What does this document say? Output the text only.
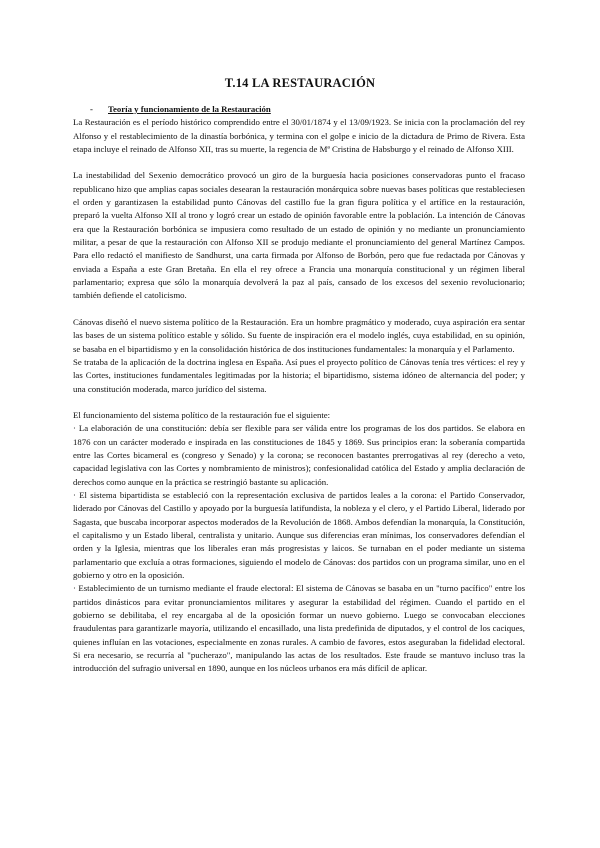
T.14 LA RESTAURACIÓN
-	Teoría y funcionamiento de la Restauración

La Restauración es el período histórico comprendido entre el 30/01/1874 y el 13/09/1923. Se inicia con la proclamación del rey Alfonso y el restablecimiento de la dinastía borbónica, y termina con el golpe e inicio de la dictadura de Primo de Rivera. Esta etapa incluye el reinado de Alfonso XII, tras su muerte, la regencia de Mª Cristina de Habsburgo y el reinado de Alfonso XIII.

La inestabilidad del Sexenio democrático provocó un giro de la burguesía hacia posiciones conservadoras punto el fracaso republicano hizo que amplias capas sociales desearan la restauración monárquica sobre nuevas bases políticas que restableciesen el orden y garantizasen la estabilidad punto Cánovas del castillo fue la gran figura política y el artífice en la restauración, preparó la vuelta Alfonso XII al trono y logró crear un estado de opinión favorable entre la población. La intención de Cánovas era que la Restauración borbónica se impusiera como resultado de un estado de opinión y no mediante un pronunciamiento militar, a pesar de que la restauración con Alfonso XII se produjo mediante el pronunciamiento del general Martínez Campos. Para ello redactó el manifiesto de Sandhurst, una carta firmada por Alfonso de Borbón, pero que fue redactada por Cánovas y enviada a España a este Gran Bretaña. En ella el rey ofrece a Francia una monarquía constitucional y un régimen liberal parlamentario; expresa que sólo la monarquía devolverá la paz al país, cansado de los excesos del sexenio revolucionario; también defiende el catolicismo.

Cánovas diseñó el nuevo sistema político de la Restauración. Era un hombre pragmático y moderado, cuya aspiración era sentar las bases de un sistema político estable y sólido. Su fuente de inspiración era el modelo inglés, cuya estabilidad, en su opinión, se basaba en el bipartidismo y en la consolidación histórica de dos instituciones fundamentales: la monarquía y el Parlamento.

Se trataba de la aplicación de la doctrina inglesa en España. Así pues el proyecto político de Cánovas tenía tres vértices: el rey y las Cortes, instituciones fundamentales legitimadas por la historia; el bipartidismo, sistema idóneo de alternancia del poder; y una constitución moderada, marco jurídico del sistema.

El funcionamiento del sistema político de la restauración fue el siguiente:

· La elaboración de una constitución: debía ser flexible para ser válida entre los programas de los dos partidos. Se elabora en 1876 con un carácter moderado e inspirada en las constituciones de 1845 y 1869. Sus principios eran: la soberanía compartida entre las Cortes bicameral es (congreso y Senado) y la corona; se reconocen bastantes prerrogativas al rey (derecho a veto, capacidad legislativa con las Cortes y nombramiento de ministros); confesionalidad católica del Estado y amplia declaración de derechos como aunque en la práctica se restringió bastante su aplicación.

· El sistema bipartidista se estableció con la representación exclusiva de partidos leales a la corona: el Partido Conservador, liderado por Cánovas del Castillo y apoyado por la burguesía latifundista, la nobleza y el clero, y el Partido Liberal, liderado por Sagasta, que buscaba incorporar aspectos moderados de la Revolución de 1868. Ambos defendían la monarquía, la Constitución, el capitalismo y un Estado liberal, centralista y unitario. Aunque sus diferencias eran mínimas, los conservadores defendían el orden y la Iglesia, mientras que los liberales eran más progresistas y laicos. Se turnaban en el poder mediante un sistema parlamentario que excluía a otras formaciones, siguiendo el modelo de Cánovas: dos partidos con un programa similar, uno en el gobierno y otro en la oposición.

· Establecimiento de un turnismo mediante el fraude electoral: El sistema de Cánovas se basaba en un "turno pacífico" entre los partidos dinásticos para evitar pronunciamientos militares y asegurar la estabilidad del régimen. Cuando el partido en el gobierno se debilitaba, el rey encargaba al de la oposición formar un nuevo gobierno. Luego se convocaban elecciones fraudulentas para garantizarle mayoría, utilizando el encasillado, una lista predefinida de diputados, y el control de los caciques, quienes influían en las votaciones, especialmente en zonas rurales. A cambio de favores, estos aseguraban la fidelidad electoral. Si era necesario, se recurría al "pucherazo", manipulando las actas de los resultados. Este fraude se mantuvo incluso tras la introducción del sufragio universal en 1890, aunque en los núcleos urbanos era más difícil de aplicar.
